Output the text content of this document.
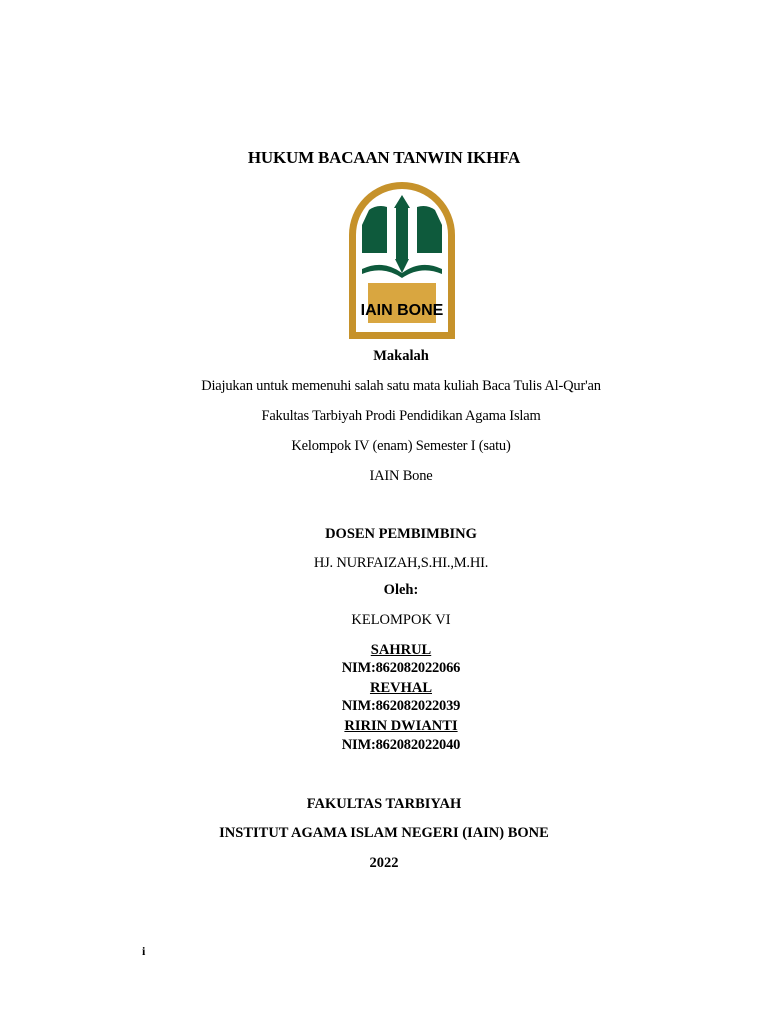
HUKUM BACAAN TANWIN IKHFA
IAIN BONE
Makalah
Diajukan untuk memenuhi salah satu mata kuliah Baca Tulis Al-Qur'an
Fakultas Tarbiyah Prodi Pendidikan Agama Islam
Kelompok IV (enam) Semester I (satu)
IAIN Bone
DOSEN PEMBIMBING
HJ. NURFAIZAH,S.HI.,M.HI.
Oleh:
KELOMPOK VI
SAHRUL
NIM:862082022066
REVHAL
NIM:862082022039
RIRIN DWIANTI
NIM:862082022040
FAKULTAS TARBIYAH
INSTITUT AGAMA ISLAM NEGERI (IAIN) BONE
2022
i
